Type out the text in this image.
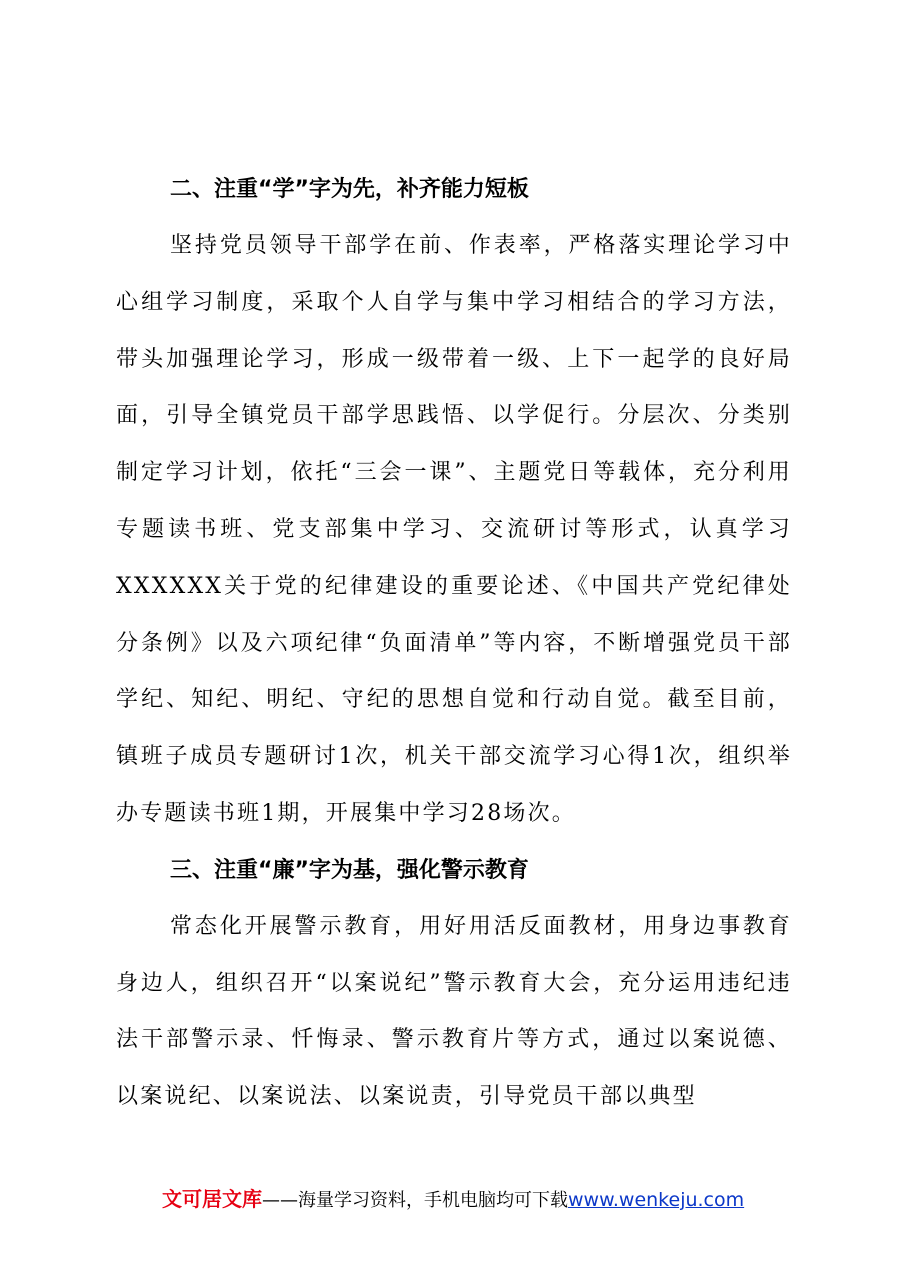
二、注重“学”字为先，补齐能力短板

坚持党员领导干部学在前、作表率，严格落实理论学习中心组学习制度，采取个人自学与集中学习相结合的学习方法，带头加强理论学习，形成一级带着一级、上下一起学的良好局面，引导全镇党员干部学思践悟、以学促行。分层次、分类别制定学习计划，依托“三会一课”、主题党日等载体，充分利用专题读书班、党支部集中学习、交流研讨等形式，认真学习XXXXXX关于党的纪律建设的重要论述、《中国共产党纪律处分条例》以及六项纪律“负面清单”等内容，不断增强党员干部学纪、知纪、明纪、守纪的思想自觉和行动自觉。截至目前，镇班子成员专题研讨1次，机关干部交流学习心得1次，组织举办专题读书班1期，开展集中学习28场次。

三、注重“廉”字为基，强化警示教育

常态化开展警示教育，用好用活反面教材，用身边事教育身边人，组织召开“以案说纪”警示教育大会，充分运用违纪违法干部警示录、忏悔录、警示教育片等方式，通过以案说德、以案说纪、以案说法、以案说责，引导党员干部以典型

文可居文库——海量学习资料，手机电脑均可下载www.wenkeju.com
